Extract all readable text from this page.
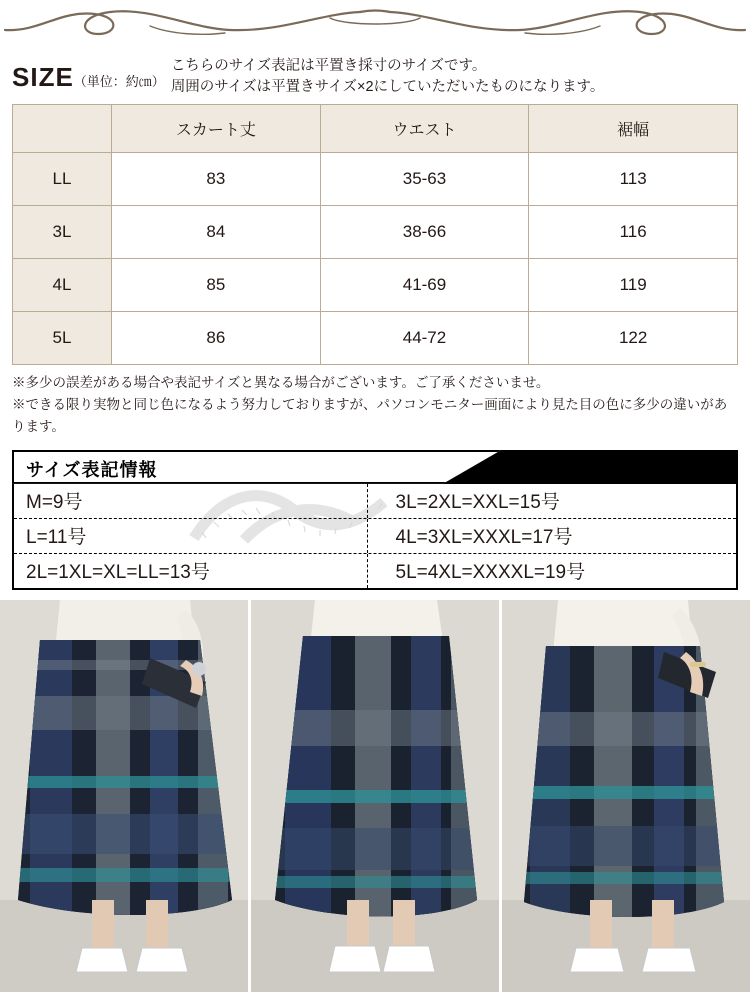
SIZE（単位：約㎝）
こちらのサイズ表記は平置き採寸のサイズです。
周囲のサイズは平置きサイズ×2にしていただいたものになります。
	スカート丈	ウエスト	裾幅
LL	83	35-63	113
3L	84	38-66	116
4L	85	41-69	119
5L	86	44-72	122

※多少の誤差がある場合や表記サイズと異なる場合がございます。ご了承くださいませ。

※できる限り実物と同じ色になるよう努力しておりますが、パソコンモニター画面により見た目の色に多少の違いがあります。

サイズ表記情報
M=9号	3L=2XL=XXL=15号
L=11号	4L=3XL=XXXL=17号
2L=1XL=XL=LL=13号	5L=4XL=XXXXL=19号
